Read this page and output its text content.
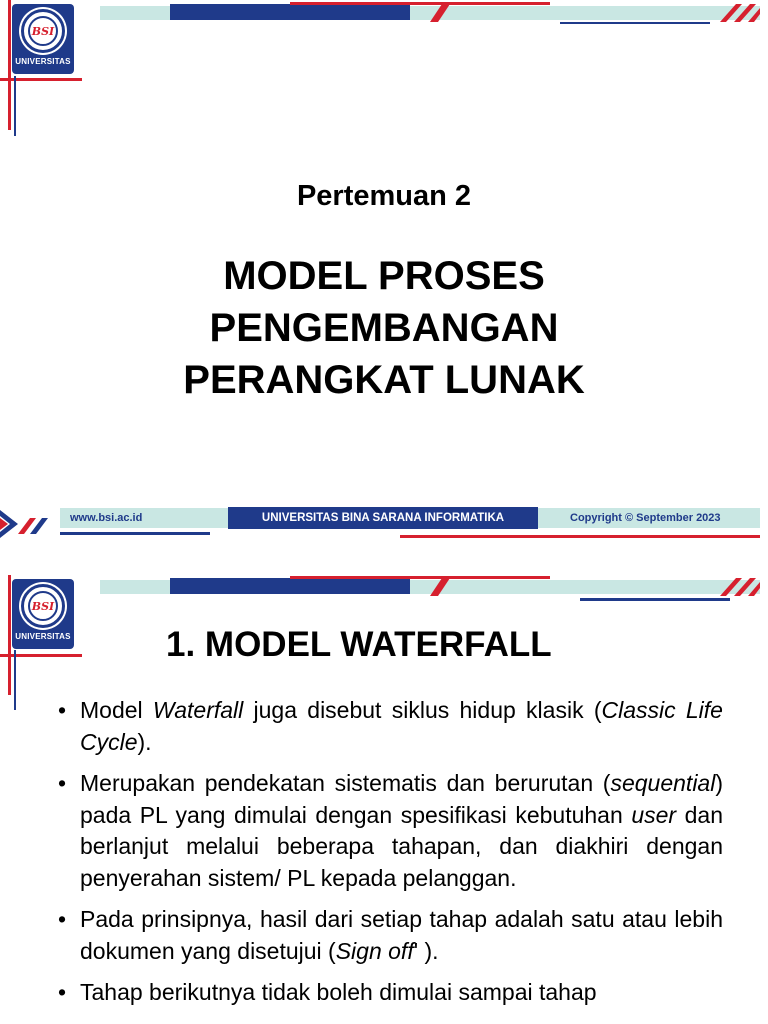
BSI
UNIVERSITAS
Pertemuan 2
MODEL PROSES
PENGEMBANGAN
PERANGKAT LUNAK
www.bsi.ac.id	UNIVERSITAS BINA SARANA INFORMATIKA	Copyright © September 2023
BSI
UNIVERSITAS	1. MODEL WATERFALL
• Model Waterfall juga disebut siklus hidup klasik (Classic Life Cycle).
• Merupakan pendekatan sistematis dan berurutan (sequential) pada PL yang dimulai dengan spesifikasi kebutuhan user dan berlanjut melalui beberapa tahapan, dan diakhiri dengan penyerahan sistem/ PL kepada pelanggan.
• Pada prinsipnya, hasil dari setiap tahap adalah satu atau lebih dokumen yang disetujui (Sign off' ).
• Tahap berikutnya tidak boleh dimulai sampai tahap
